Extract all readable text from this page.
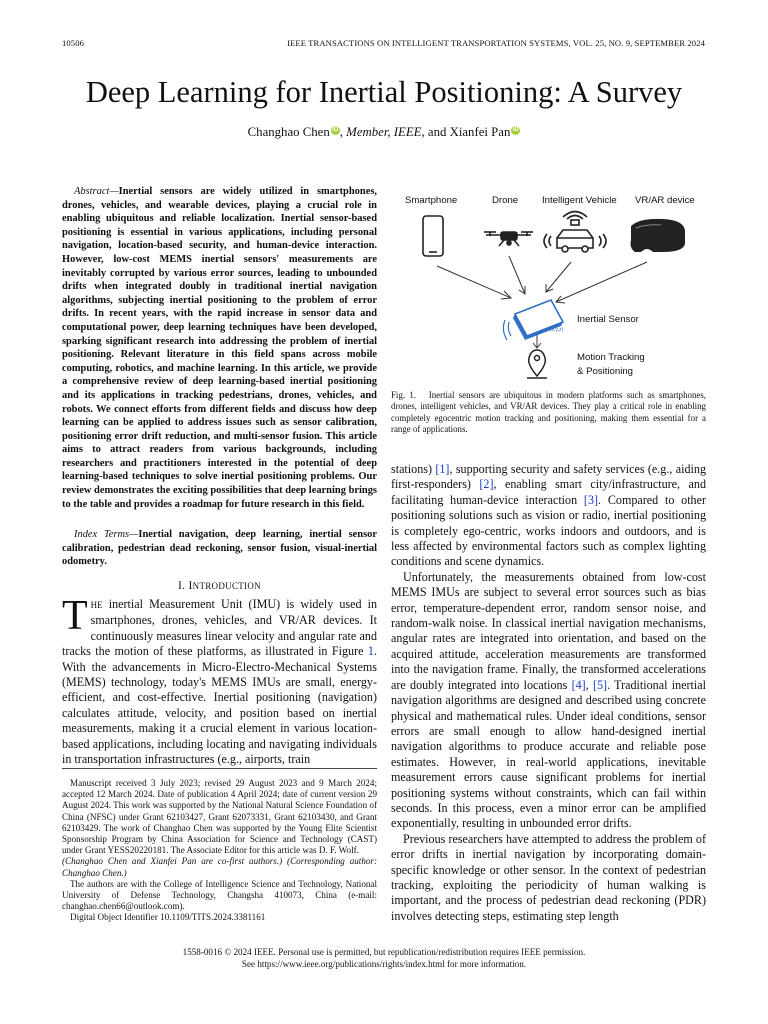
10506	IEEE TRANSACTIONS ON INTELLIGENT TRANSPORTATION SYSTEMS, VOL. 25, NO. 9, SEPTEMBER 2024
Deep Learning for Inertial Positioning: A Survey
Changhao Chen iD , Member, IEEE, and Xianfei Pan iD
Abstract—Inertial sensors are widely utilized in smartphones, drones, vehicles, and wearable devices, playing a crucial role in enabling ubiquitous and reliable localization. Inertial sensor-based positioning is essential in various applications, including personal navigation, location-based security, and human-device interaction. However, low-cost MEMS inertial sensors' measurements are inevitably corrupted by various error sources, leading to unbounded drifts when integrated doubly in traditional inertial navigation algorithms, subjecting inertial positioning to the problem of error drifts. In recent years, with the rapid increase in sensor data and computational power, deep learning techniques have been developed, sparking significant research into addressing the problem of inertial positioning. Relevant literature in this field spans across mobile computing, robotics, and machine learning. In this article, we provide a comprehensive review of deep learning-based inertial positioning and its applications in tracking pedestrians, drones, vehicles, and robots. We connect efforts from different fields and discuss how deep learning can be applied to address issues such as sensor calibration, positioning error drift reduction, and multi-sensor fusion. This article aims to attract readers from various backgrounds, including researchers and practitioners interested in the potential of deep learning-based techniques to solve inertial positioning problems. Our review demonstrates the exciting possibilities that deep learning brings to the table and provides a roadmap for future research in this field.
Index Terms—Inertial navigation, deep learning, inertial sensor calibration, pedestrian dead reckoning, sensor fusion, visual-inertial odometry.
I. INTRODUCTION
THE inertial Measurement Unit (IMU) is widely used in smartphones, drones, vehicles, and VR/AR devices. It continuously measures linear velocity and angular rate and tracks the motion of these platforms, as illustrated in Figure 1. With the advancements in Micro-Electro-Mechanical Systems (MEMS) technology, today's MEMS IMUs are small, energy-efficient, and cost-effective. Inertial positioning (navigation) calculates attitude, velocity, and position based on inertial measurements, making it a crucial element in various location-based applications, including locating and navigating individuals in transportation infrastructures (e.g., airports, train

Manuscript received 3 July 2023; revised 29 August 2023 and 9 March 2024; accepted 12 March 2024. Date of publication 4 April 2024; date of current version 29 August 2024. This work was supported by the National Natural Science Foundation of China (NFSC) under Grant 62103427, Grant 62073331, Grant 62103430, and Grant 62103429. The work of Changhao Chen was supported by the Young Elite Scientist Sponsorship Program by China Association for Science and Technology (CAST) under Grant YESS20220181. The Associate Editor for this article was D. F. Wolf.

(Changhao Chen and Xianfei Pan are co-first authors.) (Corresponding author: Changhao Chen.)

The authors are with the College of Intelligence Science and Technology, National University of Defense Technology, Changsha 410073, China (e-mail: changhao.chen66@outlook.com).

Digital Object Identifier 10.1109/TITS.2024.3381161

Smartphone	Drone Intelligent Vehicle VR/AR device
(x,y,z)
Inertial Sensor
Motion Tracking
& Positioning
Fig. 1. Inertial sensors are ubiquitous in modern platforms such as smartphones, drones, intelligent vehicles, and VR/AR devices. They play a critical role in enabling completely egocentric motion tracking and positioning, making them essential for a range of applications.

stations) [1], supporting security and safety services (e.g., aiding first-responders) [2], enabling smart city/infrastructure, and facilitating human-device interaction [3]. Compared to other positioning solutions such as vision or radio, inertial positioning is completely ego-centric, works indoors and outdoors, and is less affected by environmental factors such as complex lighting conditions and scene dynamics.

Unfortunately, the measurements obtained from low-cost MEMS IMUs are subject to several error sources such as bias error, temperature-dependent error, random sensor noise, and random-walk noise. In classical inertial navigation mechanisms, angular rates are integrated into orientation, and based on the acquired attitude, acceleration measurements are transformed into the navigation frame. Finally, the transformed accelerations are doubly integrated into locations [4], [5]. Traditional inertial navigation algorithms are designed and described using concrete physical and mathematical rules. Under ideal conditions, sensor errors are small enough to allow hand-designed inertial navigation algorithms to produce accurate and reliable pose estimates. However, in real-world applications, inevitable measurement errors cause significant problems for inertial positioning systems without constraints, which can fail within seconds. In this process, even a minor error can be amplified exponentially, resulting in unbounded error drifts.

Previous researchers have attempted to address the problem of error drifts in inertial navigation by incorporating domain-specific knowledge or other sensor. In the context of pedestrian tracking, exploiting the periodicity of human walking is important, and the process of pedestrian dead reckoning (PDR) involves detecting steps, estimating step length

1558-0016 © 2024 IEEE. Personal use is permitted, but republication/redistribution requires IEEE permission.
See https://www.ieee.org/publications/rights/index.html for more information.
